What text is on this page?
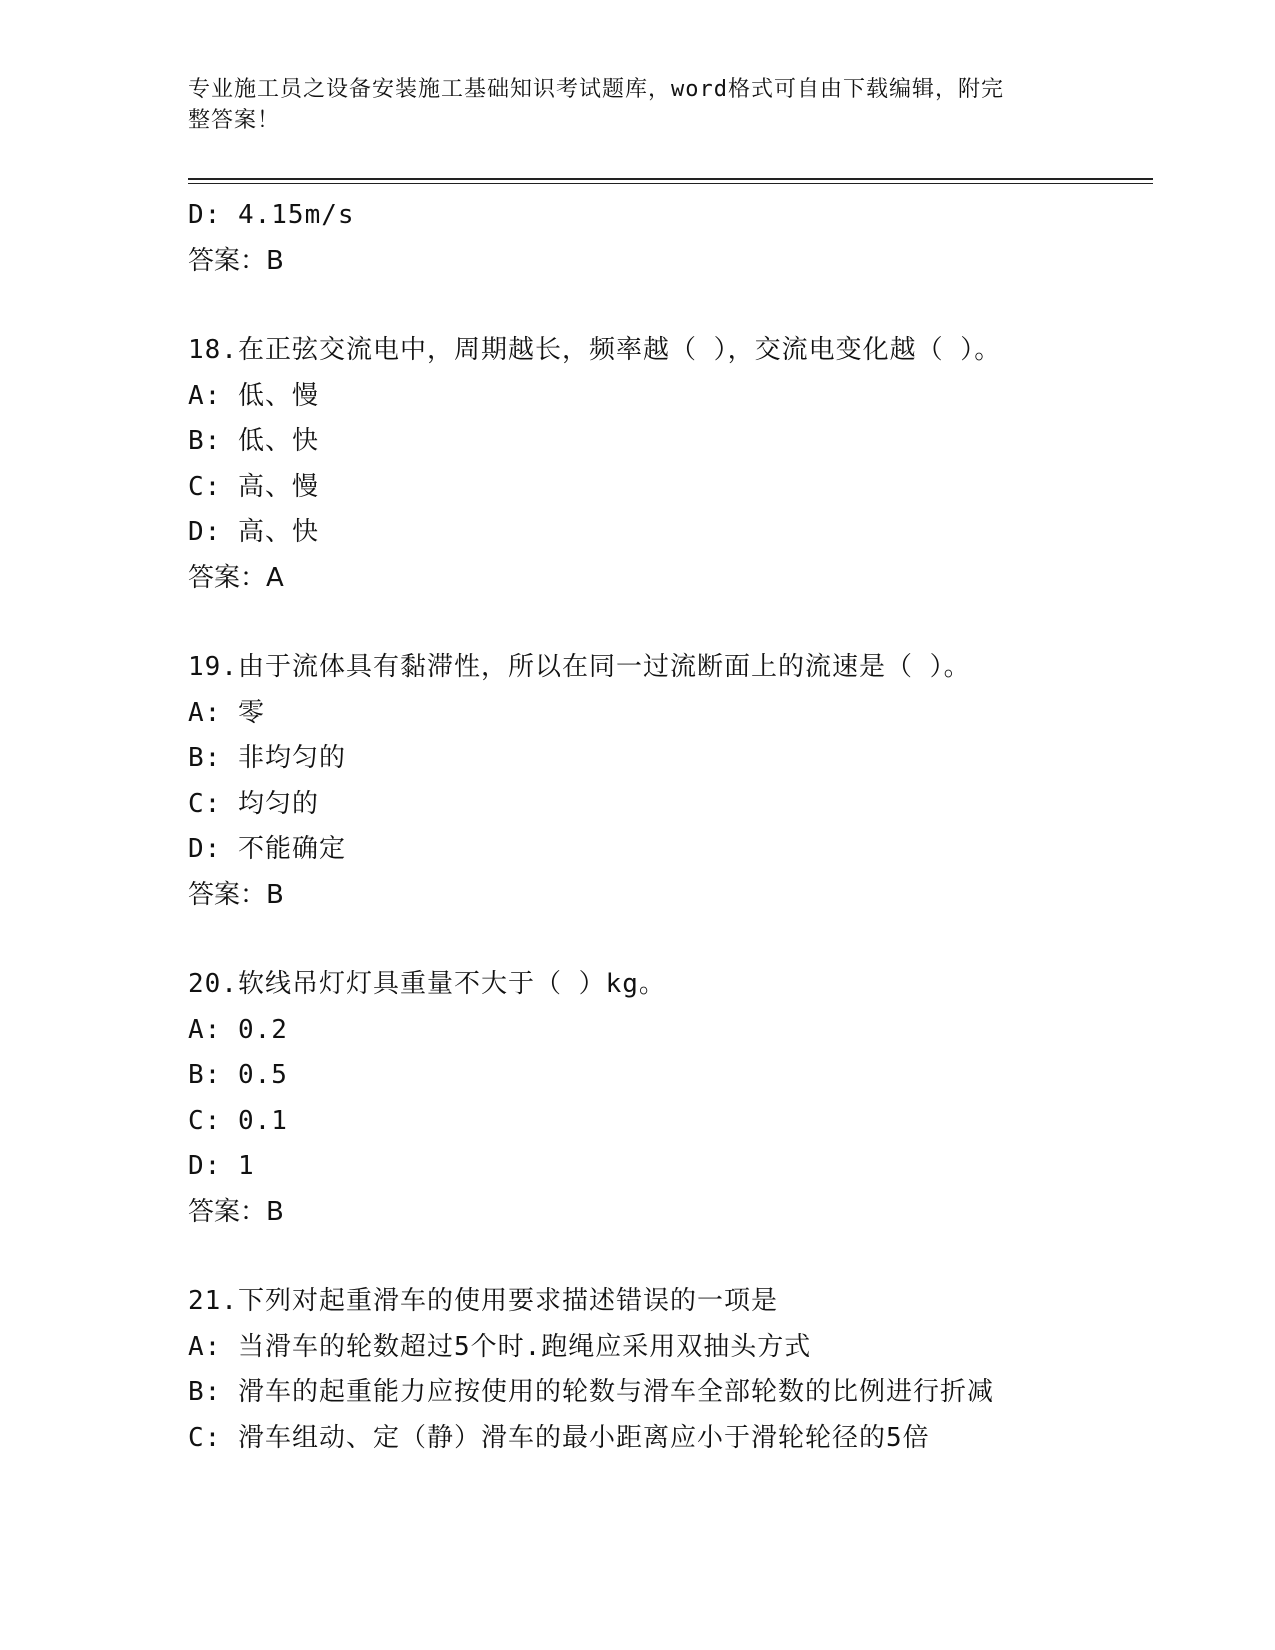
专业施工员之设备安装施工基础知识考试题库，word格式可自由下载编辑，附完
整答案！
D: 4.15m/s
答案：B
18.在正弦交流电中，周期越长，频率越（ ），交流电变化越（ ）。
A: 低、慢
B: 低、快
C: 高、慢
D: 高、快
答案：A
19.由于流体具有黏滞性，所以在同一过流断面上的流速是（ ）。
A: 零
B: 非均匀的
C: 均匀的
D: 不能确定
答案：B
20.软线吊灯灯具重量不大于（ ）kg。
A: 0.2
B: 0.5
C: 0.1
D: 1
答案：B
21.下列对起重滑车的使用要求描述错误的一项是
A: 当滑车的轮数超过5个时.跑绳应采用双抽头方式
B: 滑车的起重能力应按使用的轮数与滑车全部轮数的比例进行折减
C: 滑车组动、定（静）滑车的最小距离应小于滑轮轮径的5倍
